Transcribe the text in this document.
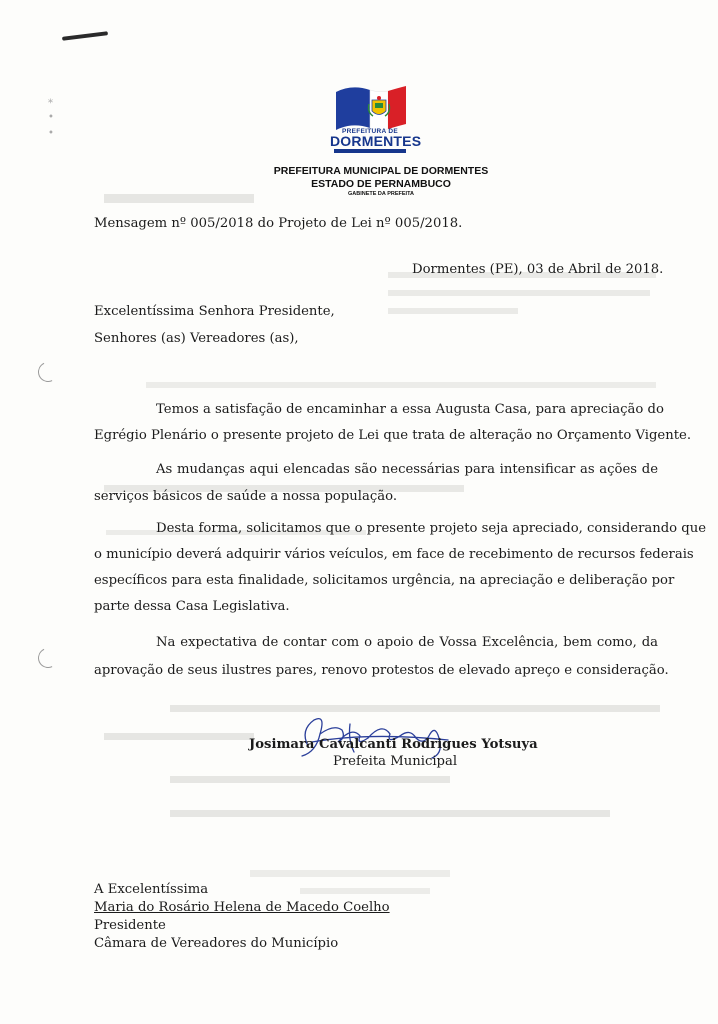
*
•
•	PREFEITURA DE
DORMENTES
PREFEITURA MUNICIPAL DE DORMENTES
ESTADO DE PERNAMBUCO
GABINETE DA PREFEITA
Mensagem nº 005/2018 do Projeto de Lei nº 005/2018.
Dormentes (PE), 03 de Abril de 2018.
Excelentíssima Senhora Presidente,
Senhores (as) Vereadores (as),
Temos a satisfação de encaminhar a essa Augusta Casa, para apreciação do
Egrégio Plenário o presente projeto de Lei que trata de alteração no Orçamento Vigente.
As mudanças aqui elencadas são necessárias para intensificar as ações de
serviços básicos de saúde a nossa população.
Desta forma, solicitamos que o presente projeto seja apreciado, considerando que
o município deverá adquirir vários veículos, em face de recebimento de recursos federais
específicos para esta finalidade, solicitamos urgência, na apreciação e deliberação por
parte dessa Casa Legislativa.
Na expectativa de contar com o apoio de Vossa Excelência, bem como, da
aprovação de seus ilustres pares, renovo protestos de elevado apreço e consideração.
Josimara Cavalcanti Rodrigues Yotsuya
Prefeita Municipal
A Excelentíssima
Maria do Rosário Helena de Macedo Coelho
Presidente
Câmara de Vereadores do Município
